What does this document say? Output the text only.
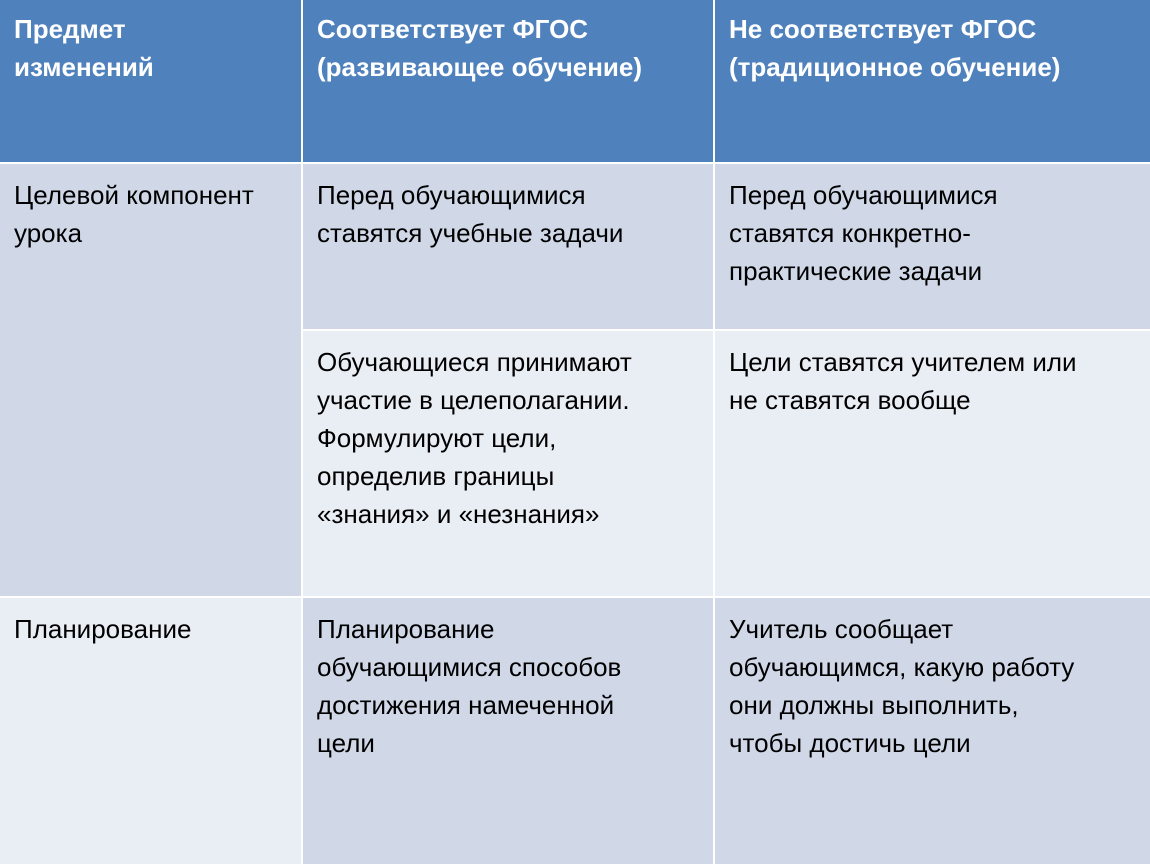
Предмет
изменений
Соответствует ФГОС
(развивающее обучение)
Не соответствует ФГОС
(традиционное обучение)
Целевой компонент
урока
Перед обучающимися
ставятся учебные задачи
Перед обучающимися
ставятся конкретно-
практические задачи
Обучающиеся принимают
участие в целеполагании.
Формулируют цели,
определив границы
«знания» и «незнания»
Цели ставятся учителем или
не ставятся вообще
Планирование	Планирование
обучающимися способов
достижения намеченной
цели
Учитель сообщает
обучающимся, какую работу
они должны выполнить,
чтобы достичь цели
